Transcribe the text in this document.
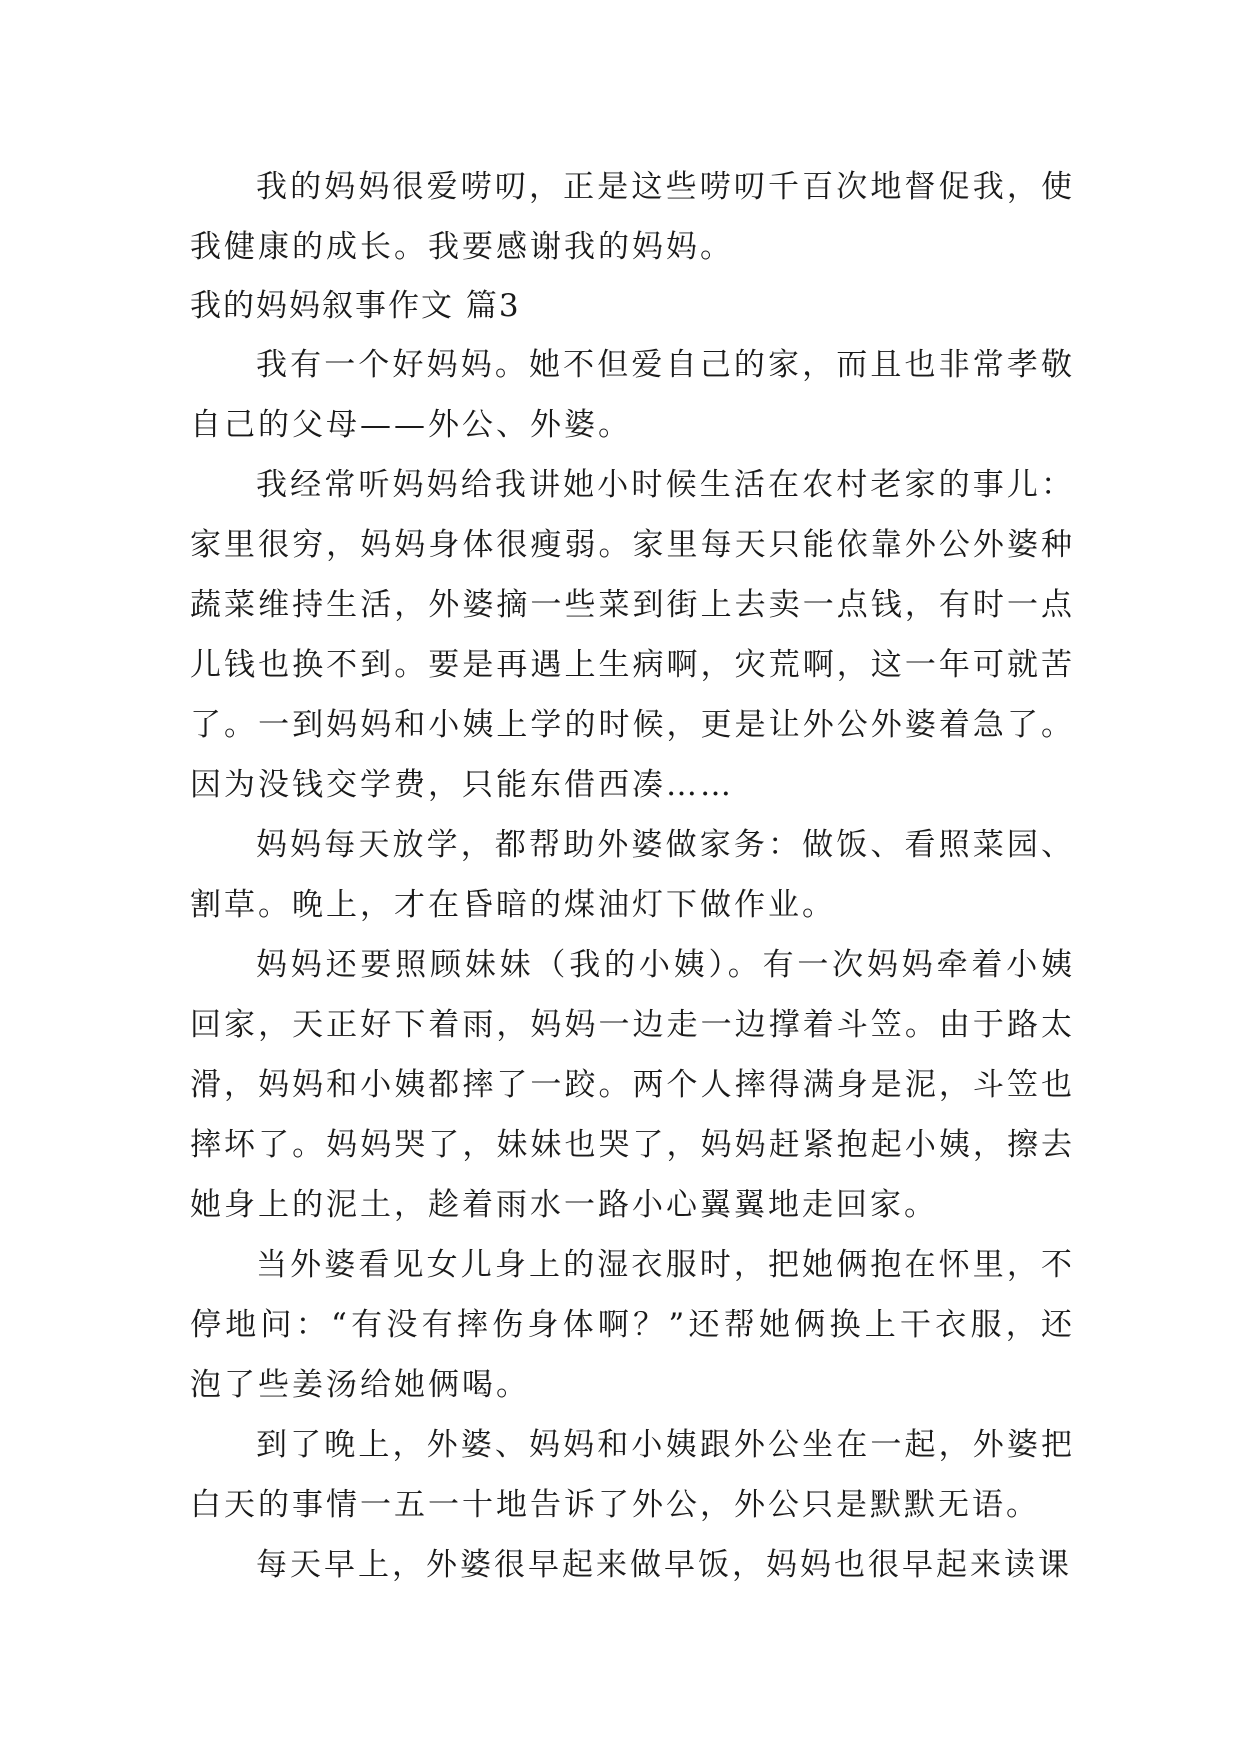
我的妈妈很爱唠叨，正是这些唠叨千百次地督促我，使我健康的成长。我要感谢我的妈妈。

我的妈妈叙事作文 篇3

我有一个好妈妈。她不但爱自己的家，而且也非常孝敬自己的父母——外公、外婆。

我经常听妈妈给我讲她小时候生活在农村老家的事儿：家里很穷，妈妈身体很瘦弱。家里每天只能依靠外公外婆种蔬菜维持生活，外婆摘一些菜到街上去卖一点钱，有时一点儿钱也换不到。要是再遇上生病啊，灾荒啊，这一年可就苦了。一到妈妈和小姨上学的时候，更是让外公外婆着急了。因为没钱交学费，只能东借西凑……

妈妈每天放学，都帮助外婆做家务：做饭、看照菜园、割草。晚上，才在昏暗的煤油灯下做作业。

妈妈还要照顾妹妹（我的小姨）。有一次妈妈牵着小姨回家，天正好下着雨，妈妈一边走一边撑着斗笠。由于路太滑，妈妈和小姨都摔了一跤。两个人摔得满身是泥，斗笠也摔坏了。妈妈哭了，妹妹也哭了，妈妈赶紧抱起小姨，擦去她身上的泥土，趁着雨水一路小心翼翼地走回家。

当外婆看见女儿身上的湿衣服时，把她俩抱在怀里，不停地问：“有没有摔伤身体啊？”还帮她俩换上干衣服，还泡了些姜汤给她俩喝。

到了晚上，外婆、妈妈和小姨跟外公坐在一起，外婆把白天的事情一五一十地告诉了外公，外公只是默默无语。

每天早上，外婆很早起来做早饭，妈妈也很早起来读课
